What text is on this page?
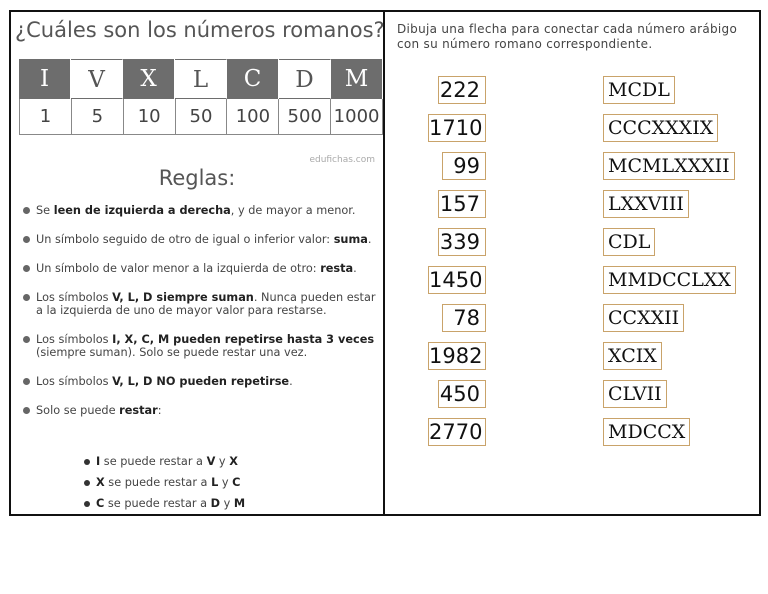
¿Cuáles son los números romanos?
I	V	X	L	C	D	M
1	5	10	50	100 500 1000
edufichas.com
Reglas:
Se leen de izquierda a derecha, y de mayor a menor.
Un símbolo seguido de otro de igual o inferior valor: suma.
Un símbolo de valor menor a la izquierda de otro: resta.
Los símbolos V, L, D siempre suman. Nunca pueden estar a la izquierda de uno de mayor valor para restarse.
Los símbolos I, X, C, M pueden repetirse hasta 3 veces (siempre suman). Solo se puede restar una vez.
Los símbolos V, L, D NO pueden repetirse.
Solo se puede restar:
I se puede restar a V y X
X se puede restar a L y C
C se puede restar a D y M
Dibuja una flecha para conectar cada número arábigo con su número romano correspondiente.
222
1710
99
157
339
1450
78
1982
450
2770
MCDL
CCCXXXIX
MCMLXXXII
LXXVIII
CDL
MMDCCLXX
CCXXII
XCIX
CLVII
MDCCX
